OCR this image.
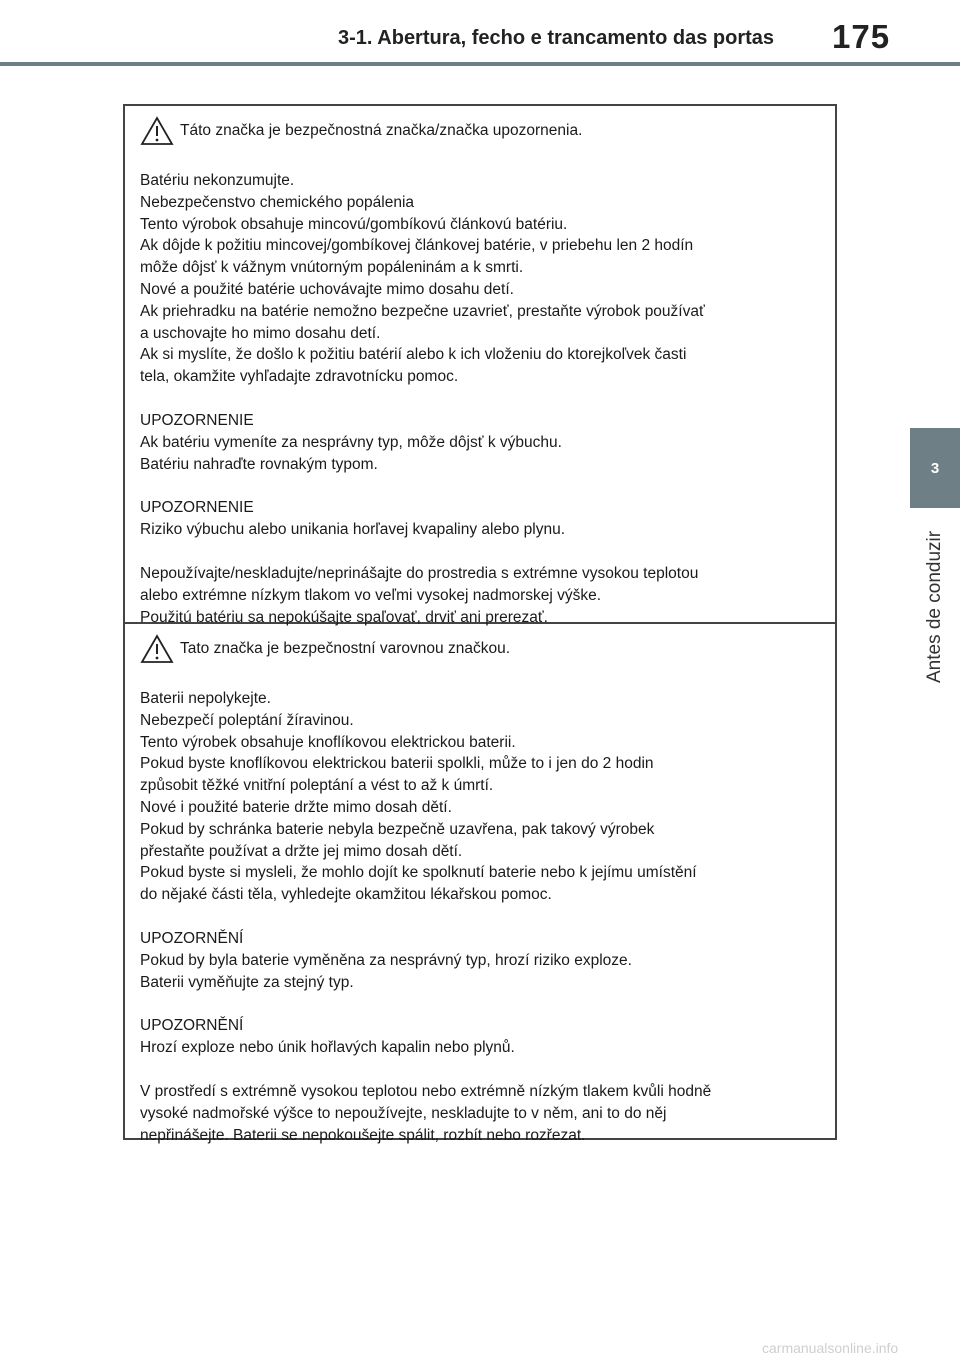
3-1. Abertura, fecho e trancamento das portas 175
3
Antes de conduzir
Táto značka je bezpečnostná značka/značka upozornenia.

Batériu nekonzumujte.

Nebezpečenstvo chemického popálenia

Tento výrobok obsahuje mincovú/gombíkovú článkovú batériu.

Ak dôjde k požitiu mincovej/gombíkovej článkovej batérie, v priebehu len 2 hodín

môže dôjsť k vážnym vnútorným popáleninám a k smrti.

Nové a použité batérie uchovávajte mimo dosahu detí.

Ak priehradku na batérie nemožno bezpečne uzavrieť, prestaňte výrobok používať

a uschovajte ho mimo dosahu detí.

Ak si myslíte, že došlo k požitiu batérií alebo k ich vloženiu do ktorejkoľvek časti

tela, okamžite vyhľadajte zdravotnícku pomoc.

UPOZORNENIE

Ak batériu vymeníte za nesprávny typ, môže dôjsť k výbuchu.

Batériu nahraďte rovnakým typom.

UPOZORNENIE

Riziko výbuchu alebo unikania horľavej kvapaliny alebo plynu.

Nepoužívajte/neskladujte/neprinášajte do prostredia s extrémne vysokou teplotou

alebo extrémne nízkym tlakom vo veľmi vysokej nadmorskej výške.

Použitú batériu sa nepokúšajte spaľovať, drviť ani prerezať.

Tato značka je bezpečnostní varovnou značkou.

Baterii nepolykejte.

Nebezpečí poleptání žíravinou.

Tento výrobek obsahuje knoflíkovou elektrickou baterii.

Pokud byste knoflíkovou elektrickou baterii spolkli, může to i jen do 2 hodin

způsobit těžké vnitřní poleptání a vést to až k úmrtí.

Nové i použité baterie držte mimo dosah dětí.

Pokud by schránka baterie nebyla bezpečně uzavřena, pak takový výrobek

přestaňte používat a držte jej mimo dosah dětí.

Pokud byste si mysleli, že mohlo dojít ke spolknutí baterie nebo k jejímu umístění

do nějaké části těla, vyhledejte okamžitou lékařskou pomoc.

UPOZORNĚNÍ

Pokud by byla baterie vyměněna za nesprávný typ, hrozí riziko exploze.

Baterii vyměňujte za stejný typ.

UPOZORNĚNÍ

Hrozí exploze nebo únik hořlavých kapalin nebo plynů.

V prostředí s extrémně vysokou teplotou nebo extrémně nízkým tlakem kvůli hodně

vysoké nadmořské výšce to nepoužívejte, neskladujte to v něm, ani to do něj

nepřinášejte. Baterii se nepokoušejte spálit, rozbít nebo rozřezat.

carmanualsonline.info
